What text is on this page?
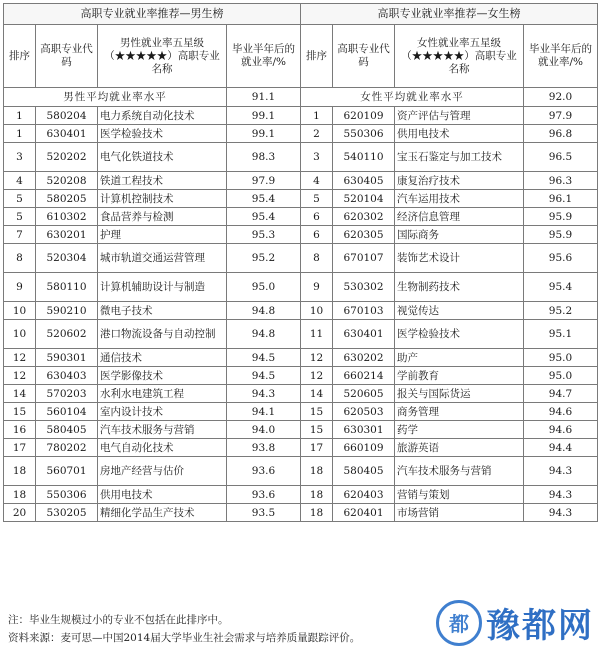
高职专业就业率推荐—男生榜				高职专业就业率推荐—女生榜			
排序	高职专业代码	男性就业率五星级（★★★★★）高职专业名称	毕业半年后的就业率/%	排序	高职专业代码	女性就业率五星级（★★★★★）高职专业名称	毕业半年后的就业率/%
男性平均就业率水平			91.1	女性平均就业率水平			92.0
1	580204	电力系统自动化技术	99.1	1	620109	资产评估与管理	97.9
1	630401	医学检验技术	99.1	2	550306	供用电技术	96.8
3	520202	电气化铁道技术	98.3	3	540110	宝玉石鉴定与加工技术	96.5
4	520208	铁道工程技术	97.9	4	630405	康复治疗技术	96.3
5	580205	计算机控制技术	95.4	5	520104	汽车运用技术	96.1
5	610302	食品营养与检测	95.4	6	620302	经济信息管理	95.9
7	630201	护理	95.3	6	620305	国际商务	95.9
8	520304	城市轨道交通运营管理	95.2	8	670107	装饰艺术设计	95.6
9	580110	计算机辅助设计与制造	95.0	9	530302	生物制药技术	95.4
10	590210	微电子技术	94.8	10	670103	视觉传达	95.2
10	520602	港口物流设备与自动控制	94.8	11	630401	医学检验技术	95.1
12	590301	通信技术	94.5	12	630202	助产	95.0
12	630403	医学影像技术	94.5	12	660214	学前教育	95.0
14	570203	水利水电建筑工程	94.3	14	520605	报关与国际货运	94.7
15	560104	室内设计技术	94.1	15	620503	商务管理	94.6
16	580405	汽车技术服务与营销	94.0	15	630301	药学	94.6
17	780202	电气自动化技术	93.8	17	660109	旅游英语	94.4
18	560701	房地产经营与估价	93.6	18	580405	汽车技术服务与营销	94.3
18	550306	供用电技术	93.6	18	620403	营销与策划	94.3
20	530205	精细化学品生产技术	93.5	18	620401	市场营销	94.3
注：毕业生规模过小的专业不包括在此排序中。
资料来源：麦可思—中国2014届大学毕业生社会需求与培养质量跟踪评价。
都 豫都网
